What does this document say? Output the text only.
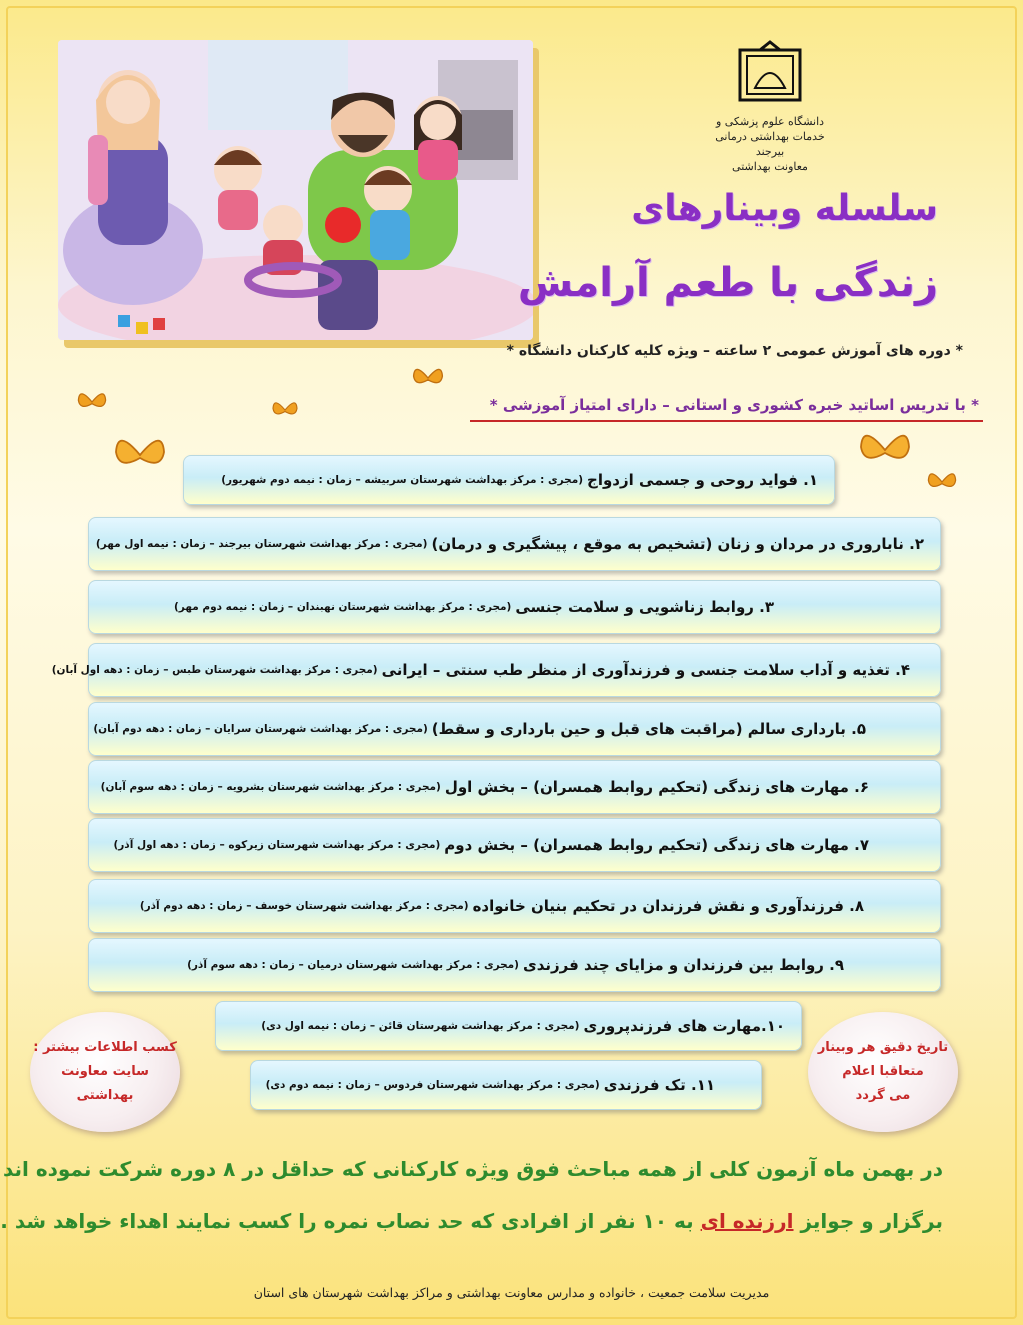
دانشگاه علوم پزشکی و خدمات بهداشتی درمانی بیرجند
معاونت بهداشتی
سلسله وبینارهای
زندگی با طعم آرامش
* دوره های آموزش عمومی ۲ ساعته – ویژه کلیه کارکنان دانشگاه *
* با تدریس اساتید خبره کشوری و استانی – دارای امتیاز آموزشی *
۱. فواید روحی و جسمی ازدواج
(مجری : مرکز بهداشت شهرستان سربیشه – زمان : نیمه دوم شهریور)
۲. ناباروری در مردان و زنان (تشخیص به موقع ، پیشگیری و درمان)
(مجری : مرکز بهداشت شهرستان بیرجند – زمان : نیمه اول مهر)
۳. روابط زناشویی و سلامت جنسی
(مجری : مرکز بهداشت شهرستان نهبندان – زمان : نیمه دوم مهر)
۴. تغذیه و آداب سلامت جنسی و فرزندآوری از منظر طب سنتی – ایرانی
(مجری : مرکز بهداشت شهرستان طبس – زمان : دهه اول آبان)
۵. بارداری سالم (مراقبت های قبل و حین بارداری و سقط)
(مجری : مرکز بهداشت شهرستان سرایان – زمان : دهه دوم آبان)
۶. مهارت های زندگی (تحکیم روابط همسران) – بخش اول
(مجری : مرکز بهداشت شهرستان بشرویه – زمان : دهه سوم آبان)
۷. مهارت های زندگی (تحکیم روابط همسران) – بخش دوم
(مجری : مرکز بهداشت شهرستان زیرکوه – زمان : دهه اول آذر)
۸. فرزندآوری و نقش فرزندان در تحکیم بنیان خانواده
(مجری : مرکز بهداشت شهرستان خوسف – زمان : دهه دوم آذر)
۹. روابط بین فرزندان و مزایای چند فرزندی
(مجری : مرکز بهداشت شهرستان درمیان – زمان : دهه سوم آذر)
۱۰.مهارت های فرزندپروری
(مجری : مرکز بهداشت شهرستان قائن – زمان : نیمه اول دی)
۱۱. تک فرزندی
(مجری : مرکز بهداشت شهرستان فردوس – زمان : نیمه دوم دی)
کسب اطلاعات بیشتر :
سایت معاونت
بهداشتی
تاریخ دقیق هر وبینار
متعاقبا اعلام
می گردد
در بهمن ماه آزمون کلی از همه مباحث فوق ویژه کارکنانی که حداقل در ۸ دوره شرکت نموده اند
برگزار و جوایز ارزنده ای به ۱۰ نفر از افرادی که حد نصاب نمره را کسب نمایند اهداء خواهد شد .
مدیریت سلامت جمعیت ، خانواده و مدارس معاونت بهداشتی و مراکز بهداشت شهرستان های استان
